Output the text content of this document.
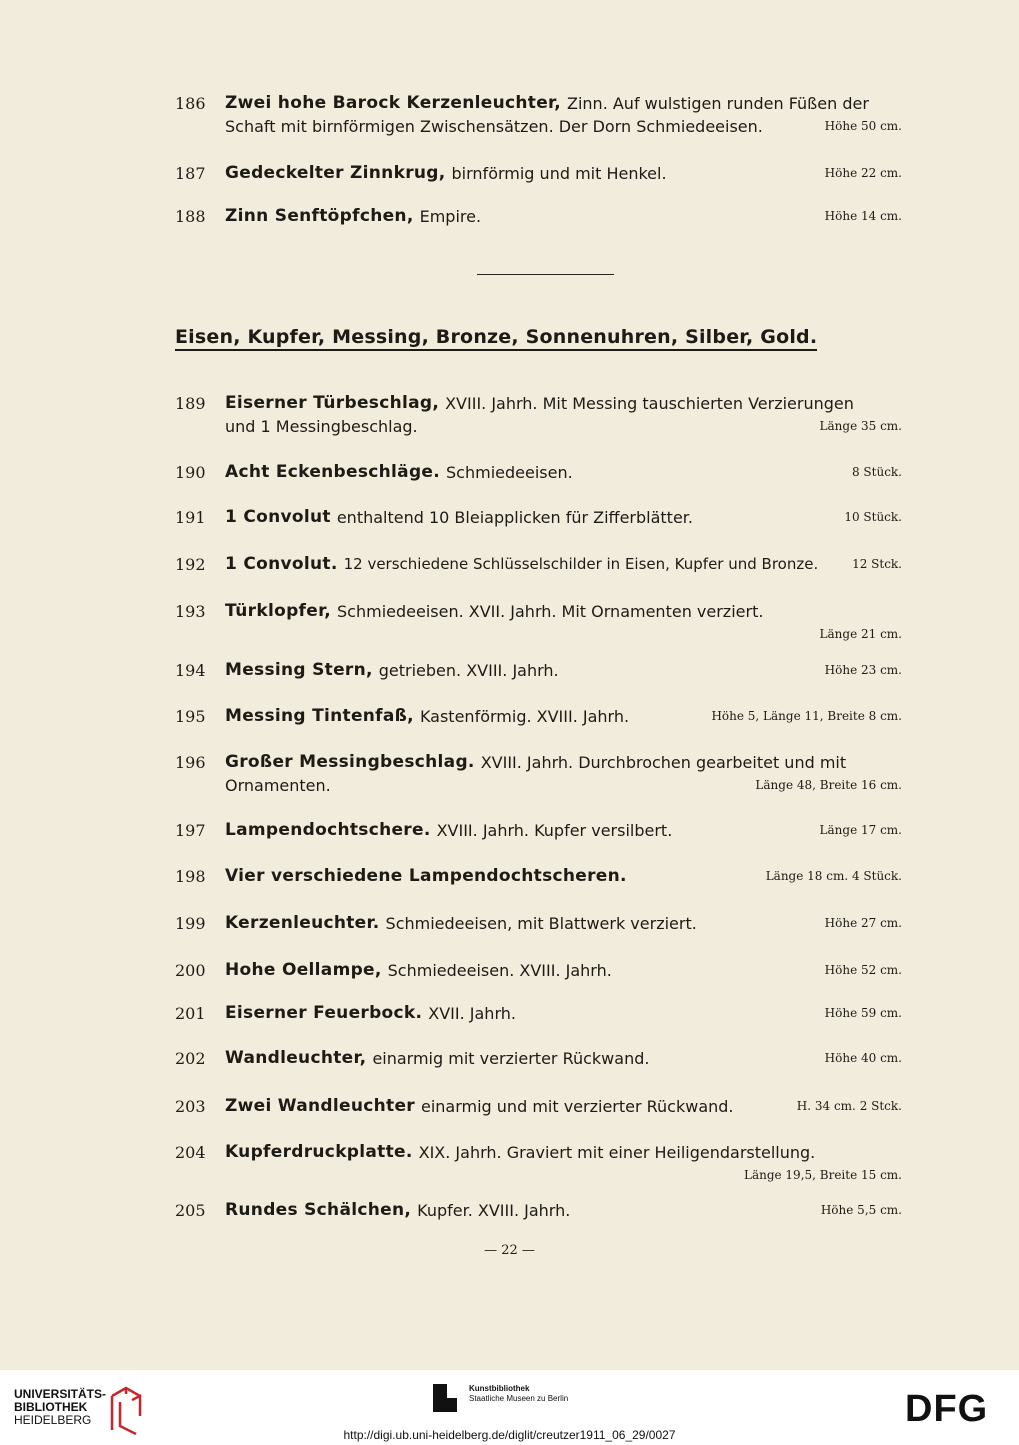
186	Zwei hohe Barock Kerzenleuchter, Zinn. Auf wulstigen runden Füßen der
Schaft mit birnförmigen Zwischensätzen. Der Dorn Schmiedeeisen.	Höhe 50 cm.
187	Gedeckelter Zinnkrug, birnförmig und mit Henkel.	Höhe 22 cm.
188	Zinn Senftöpfchen, Empire.	Höhe 14 cm.
Eisen, Kupfer, Messing, Bronze, Sonnenuhren, Silber, Gold.
189	Eiserner Türbeschlag, XVIII. Jahrh. Mit Messing tauschierten Verzierungen
und 1 Messingbeschlag.	Länge 35 cm.
190	Acht Eckenbeschläge. Schmiedeeisen.	8 Stück.
191	1 Convolut enthaltend 10 Bleiapplicken für Zifferblätter.	10 Stück.
192	1 Convolut. 12 verschiedene Schlüsselschilder in Eisen, Kupfer und Bronze.	12 Stck.
193	Türklopfer, Schmiedeeisen. XVII. Jahrh. Mit Ornamenten verziert.
Länge 21 cm.
194	Messing Stern, getrieben. XVIII. Jahrh.	Höhe 23 cm.
195	Messing Tintenfaß, Kastenförmig. XVIII. Jahrh.	Höhe 5, Länge 11, Breite 8 cm.
196	Großer Messingbeschlag. XVIII. Jahrh. Durchbrochen gearbeitet und mit
Ornamenten.	Länge 48, Breite 16 cm.
197	Lampendochtschere. XVIII. Jahrh. Kupfer versilbert.	Länge 17 cm.
198	Vier verschiedene Lampendochtscheren.	Länge 18 cm. 4 Stück.
199	Kerzenleuchter. Schmiedeeisen, mit Blattwerk verziert.	Höhe 27 cm.
200	Hohe Oellampe, Schmiedeeisen. XVIII. Jahrh.	Höhe 52 cm.
201	Eiserner Feuerbock. XVII. Jahrh.	Höhe 59 cm.
202	Wandleuchter, einarmig mit verzierter Rückwand.	Höhe 40 cm.
203	Zwei Wandleuchter einarmig und mit verzierter Rückwand.	H. 34 cm. 2 Stck.
204	Kupferdruckplatte. XIX. Jahrh. Graviert mit einer Heiligendarstellung.
Länge 19,5, Breite 15 cm.
205	Rundes Schälchen, Kupfer. XVIII. Jahrh.	Höhe 5,5 cm.
— 22 —
UNIVERSITÄTS-
BIBLIOTHEK
HEIDELBERG
Kunstbibliothek
Staatliche Museen zu Berlin	DFG
http://digi.ub.uni-heidelberg.de/diglit/creutzer1911_06_29/0027
